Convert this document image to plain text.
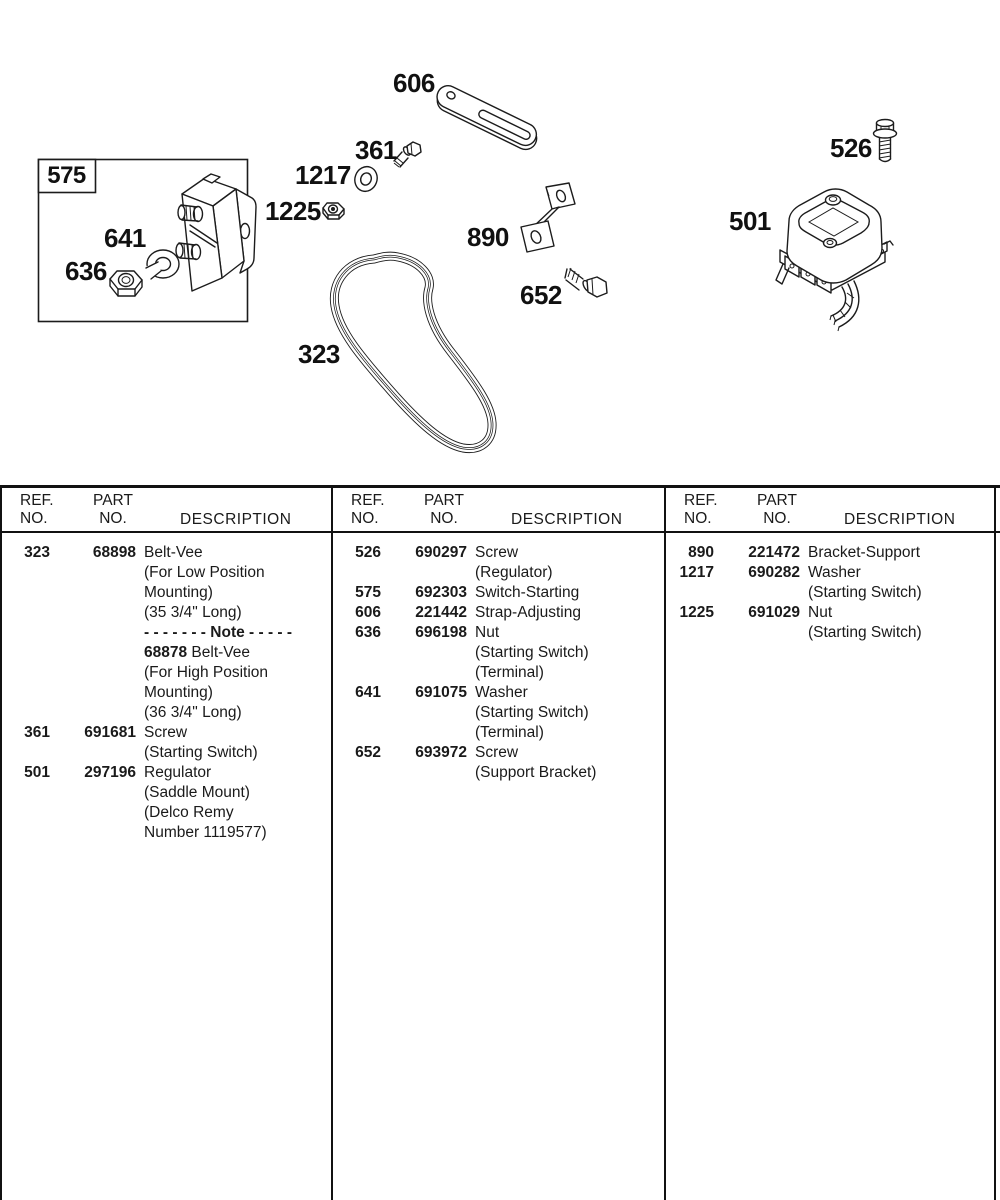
606
361
1217
1225
575
641
636
890
652
323
526
501
REF.
NO.
PART
NO.	DESCRIPTION
323	68898 Belt-Vee
(For Low Position
Mounting)
(35 3/4" Long)
- - - - - - - Note - - - - -
68878 Belt-Vee
(For High Position
Mounting)
(36 3/4" Long)
361	691681 Screw
(Starting Switch)
501	297196 Regulator
(Saddle Mount)
(Delco Remy
Number 1119577)
REF.
NO.
PART
NO.	DESCRIPTION
526	690297 Screw
(Regulator)
575	692303 Switch-Starting
606	221442 Strap-Adjusting
636	696198 Nut
(Starting Switch)
(Terminal)
641	691075 Washer
(Starting Switch)
(Terminal)
652	693972 Screw
(Support Bracket)
REF.
NO.
PART
NO.	DESCRIPTION
890	221472 Bracket-Support
1217	690282 Washer
(Starting Switch)
1225	691029 Nut
(Starting Switch)
